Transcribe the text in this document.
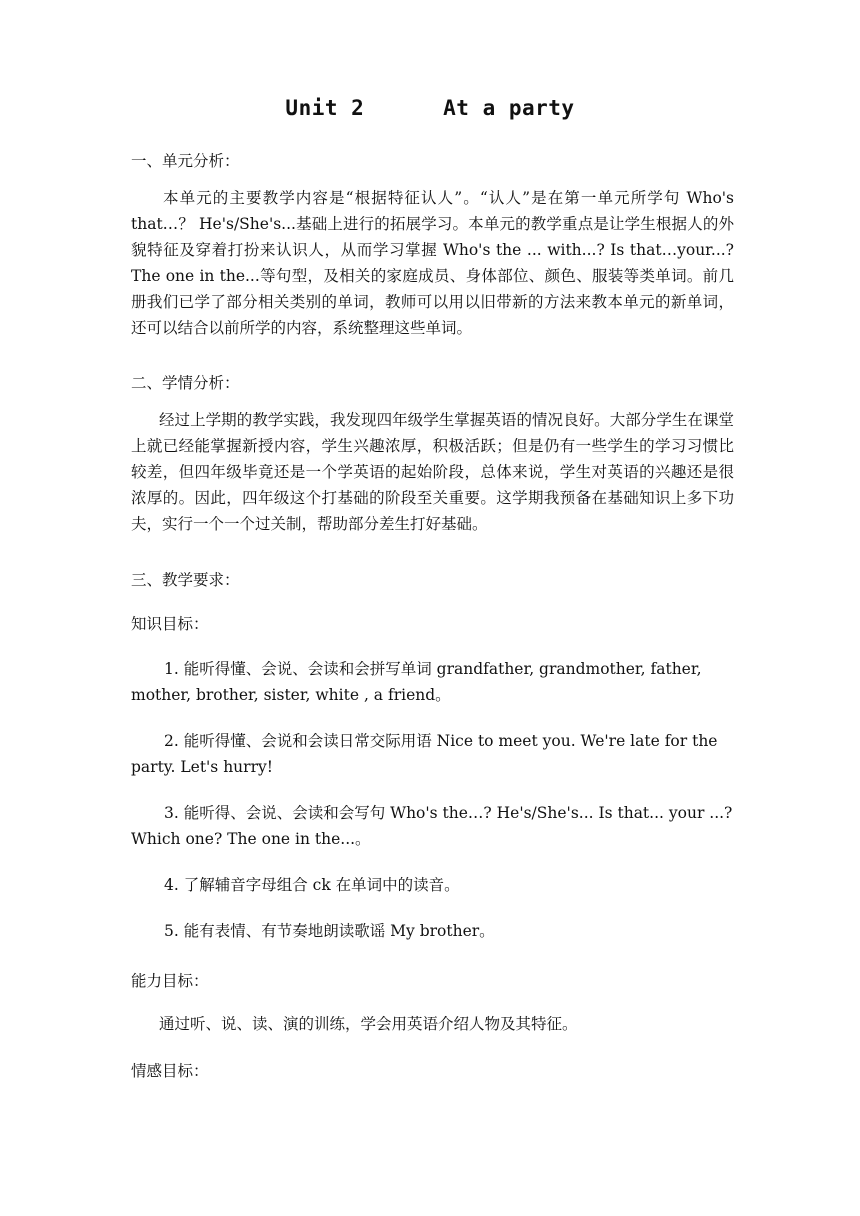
Unit 2      At a party
一、单元分析：
本单元的主要教学内容是“根据特征认人”。“认人”是在第一单元所学句 Who's that…？ He's/She's...基础上进行的拓展学习。本单元的教学重点是让学生根据人的外貌特征及穿着打扮来认识人，从而学习掌握 Who's the ... with...? Is that…your...? The one in the...等句型，及相关的家庭成员、身体部位、颜色、服装等类单词。前几册我们已学了部分相关类别的单词，教师可以用以旧带新的方法来教本单元的新单词，还可以结合以前所学的内容，系统整理这些单词。
二、学情分析：
经过上学期的教学实践，我发现四年级学生掌握英语的情况良好。大部分学生在课堂上就已经能掌握新授内容，学生兴趣浓厚，积极活跃；但是仍有一些学生的学习习惯比较差，但四年级毕竟还是一个学英语的起始阶段，总体来说，学生对英语的兴趣还是很浓厚的。因此，四年级这个打基础的阶段至关重要。这学期我预备在基础知识上多下功夫，实行一个一个过关制，帮助部分差生打好基础。
三、教学要求：
知识目标：
1. 能听得懂、会说、会读和会拼写单词 grandfather, grandmother, father, mother, brother, sister, white , a friend。
2. 能听得懂、会说和会读日常交际用语 Nice to meet you. We're late for the party. Let's hurry!
3. 能听得、会说、会读和会写句 Who's the…? He's/She's... Is that... your ...? Which one? The one in the...。
4. 了解辅音字母组合 ck 在单词中的读音。
5. 能有表情、有节奏地朗读歌谣 My brother。
能力目标：
通过听、说、读、演的训练，学会用英语介绍人物及其特征。
情感目标：
